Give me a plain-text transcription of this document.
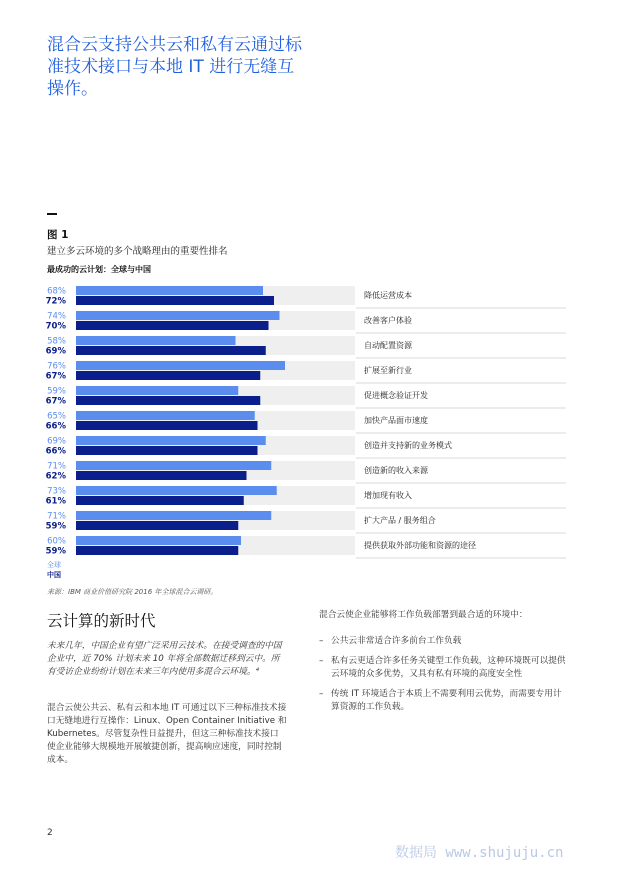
混合云支持公共云和私有云通过标准技术接口与本地 IT 进行无缝互操作。
图 1
建立多云环境的多个战略理由的重要性排名
最成功的云计划：全球与中国
68%
72%
降低运营成本
74%
70%
改善客户体验
58%
69%
自动配置资源
76%
67%
扩展至新行业
59%
67%
促进概念验证开发
65%
66%
加快产品面市速度
69%
66%
创造并支持新的业务模式
71%
62%
创造新的收入来源
73%
61%
增加现有收入
71%
59%
扩大产品 / 服务组合
60%
59%
提供获取外部功能和资源的途径
全球
中国
来源：IBM 商业价值研究院 2016 年全球混合云调研。
云计算的新时代

未来几年，中国企业有望广泛采用云技术。在接受调查的中国企业中，近 70% 计划未来 10 年将全部数据迁移到云中。所有受访企业纷纷计划在未来三年内使用多混合云环境。⁴

混合云使公共云、私有云和本地 IT 可通过以下三种标准技术接口无缝地进行互操作：Linux、Open Container Initiative 和 Kubernetes。尽管复杂性日益提升，但这三种标准技术接口使企业能够大规模地开展敏捷创新，提高响应速度，同时控制成本。

混合云使企业能够将工作负载部署到最合适的环境中：

– 公共云非常适合许多前台工作负载
– 私有云更适合许多任务关键型工作负载，这种环境既可以提供云环境的众多优势，又具有私有环境的高度安全性
– 传统 IT 环境适合于本质上不需要利用云优势，而需要专用计算资源的工作负载。
2
数据局 www.shujuju.cn
